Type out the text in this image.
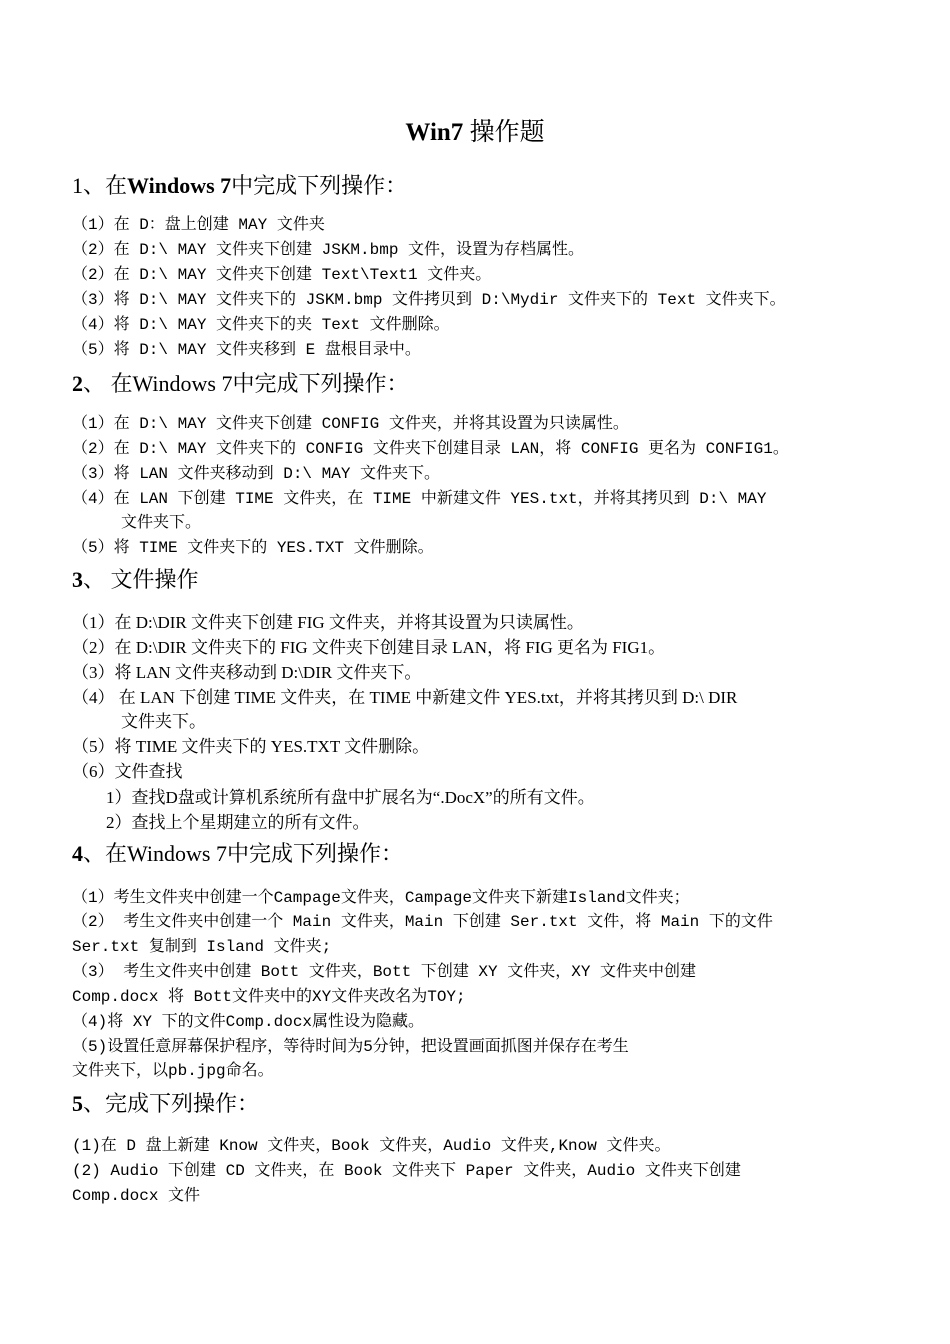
Win7 操作题
1、在Windows 7中完成下列操作：
（1）在 D：盘上创建 MAY 文件夹
（2）在 D:\ MAY 文件夹下创建 JSKM.bmp 文件，设置为存档属性。
（2）在 D:\ MAY 文件夹下创建 Text\Text1 文件夹。
（3）将 D:\ MAY 文件夹下的 JSKM.bmp 文件拷贝到 D:\Mydir 文件夹下的 Text 文件夹下。
（4）将 D:\ MAY 文件夹下的夹 Text 文件删除。
（5）将 D:\ MAY 文件夹移到 E 盘根目录中。
2、 在Windows 7中完成下列操作：
（1）在 D:\ MAY 文件夹下创建 CONFIG 文件夹，并将其设置为只读属性。
（2）在 D:\ MAY 文件夹下的 CONFIG 文件夹下创建目录 LAN，将 CONFIG 更名为 CONFIG1。
（3）将 LAN 文件夹移动到 D:\ MAY 文件夹下。
（4）在 LAN 下创建 TIME 文件夹，在 TIME 中新建文件 YES.txt，并将其拷贝到 D:\ MAY
文件夹下。
（5）将 TIME 文件夹下的 YES.TXT 文件删除。
3、 文件操作
（1）在 D:\DIR 文件夹下创建 FIG 文件夹，并将其设置为只读属性。
（2）在 D:\DIR 文件夹下的 FIG 文件夹下创建目录 LAN，将 FIG 更名为 FIG1。
（3）将 LAN 文件夹移动到 D:\DIR 文件夹下。
（4） 在 LAN 下创建 TIME 文件夹，在 TIME 中新建文件 YES.txt，并将其拷贝到 D:\ DIR
文件夹下。
（5）将 TIME 文件夹下的 YES.TXT 文件删除。
（6）文件查找
1）查找D盘或计算机系统所有盘中扩展名为“.DocX”的所有文件。
2）查找上个星期建立的所有文件。
4、在Windows 7中完成下列操作：
（1）考生文件夹中创建一个Campage文件夹，Campage文件夹下新建Island文件夹；
（2） 考生文件夹中创建一个 Main 文件夹，Main 下创建 Ser.txt 文件，将 Main 下的文件
Ser.txt 复制到 Island 文件夹;
（3） 考生文件夹中创建 Bott 文件夹，Bott 下创建 XY 文件夹，XY 文件夹中创建
Comp.docx 将 Bott文件夹中的XY文件夹改名为TOY;
（4)将 XY 下的文件Comp.docx属性设为隐藏。
（5)设置任意屏幕保护程序，等待时间为5分钟，把设置画面抓图并保存在考生
文件夹下，以pb.jpg命名。
5、完成下列操作：
(1)在 D 盘上新建 Know 文件夹，Book 文件夹，Audio 文件夹,Know 文件夹。
(2) Audio 下创建 CD 文件夹，在 Book 文件夹下 Paper 文件夹，Audio 文件夹下创建
Comp.docx 文件
